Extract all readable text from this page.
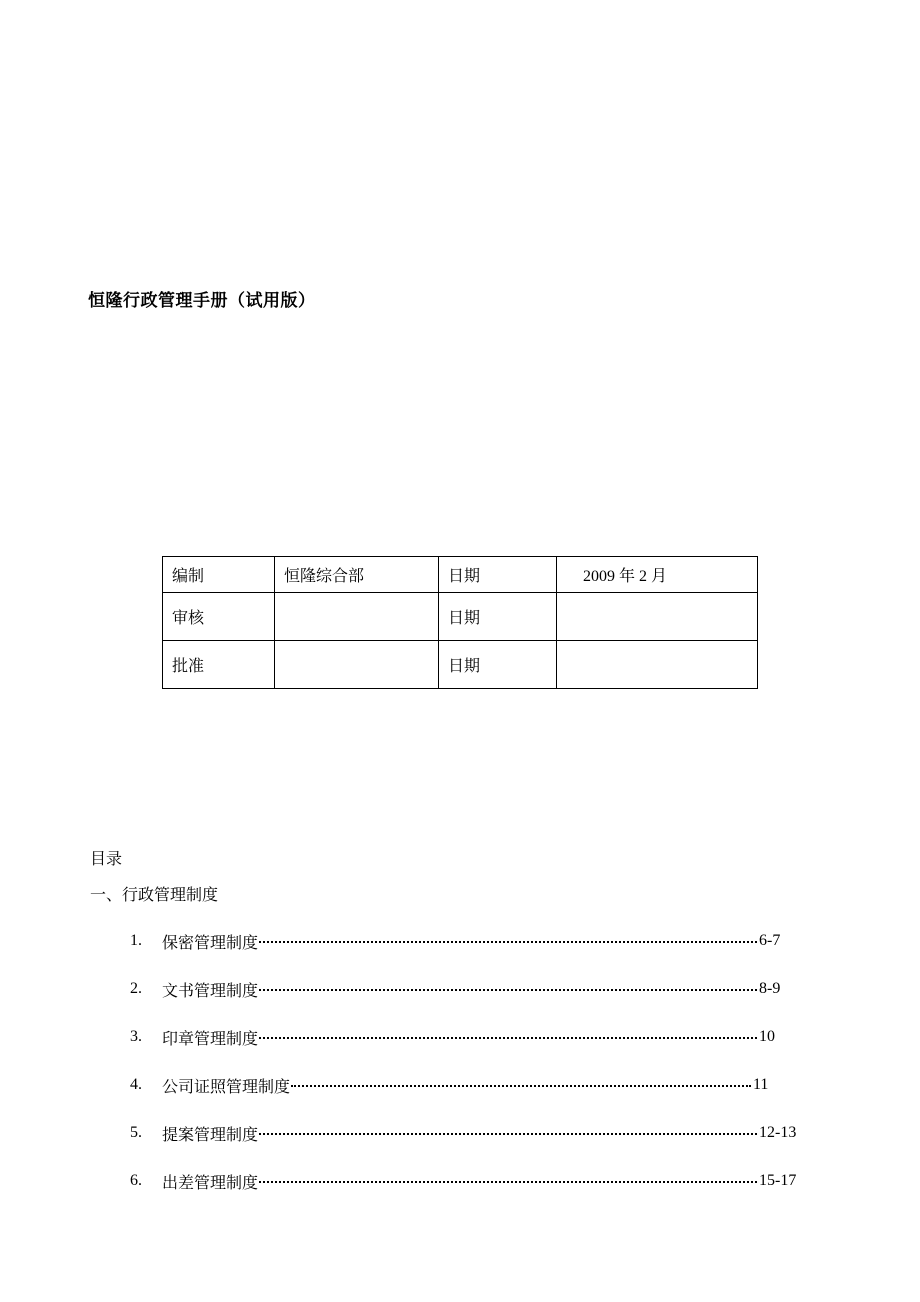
恒隆行政管理手册（试用版）
编制	恒隆综合部	日期	2009 年 2 月
审核		日期	
批准		日期	
目录
一、行政管理制度
1.	保密管理制度	6-7
2.	文书管理制度	8-9
3.	印章管理制度	10
4.	公司证照管理制度	11
5.	提案管理制度	12-13
6.	出差管理制度	15-17
